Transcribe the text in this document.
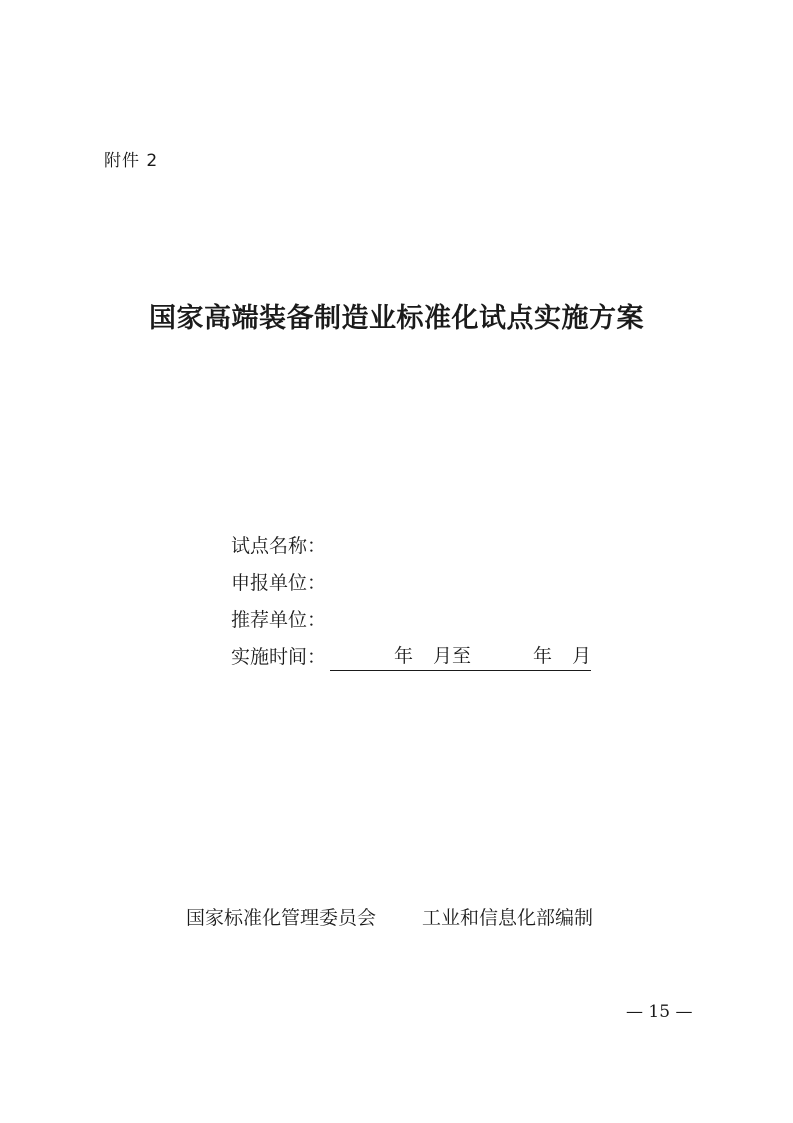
附件 2
国家高端装备制造业标准化试点实施方案
试点名称：
申报单位：
推荐单位：
实施时间：	年 月至	年 月
国家标准化管理委员会 工业和信息化部编制
— 15 —
